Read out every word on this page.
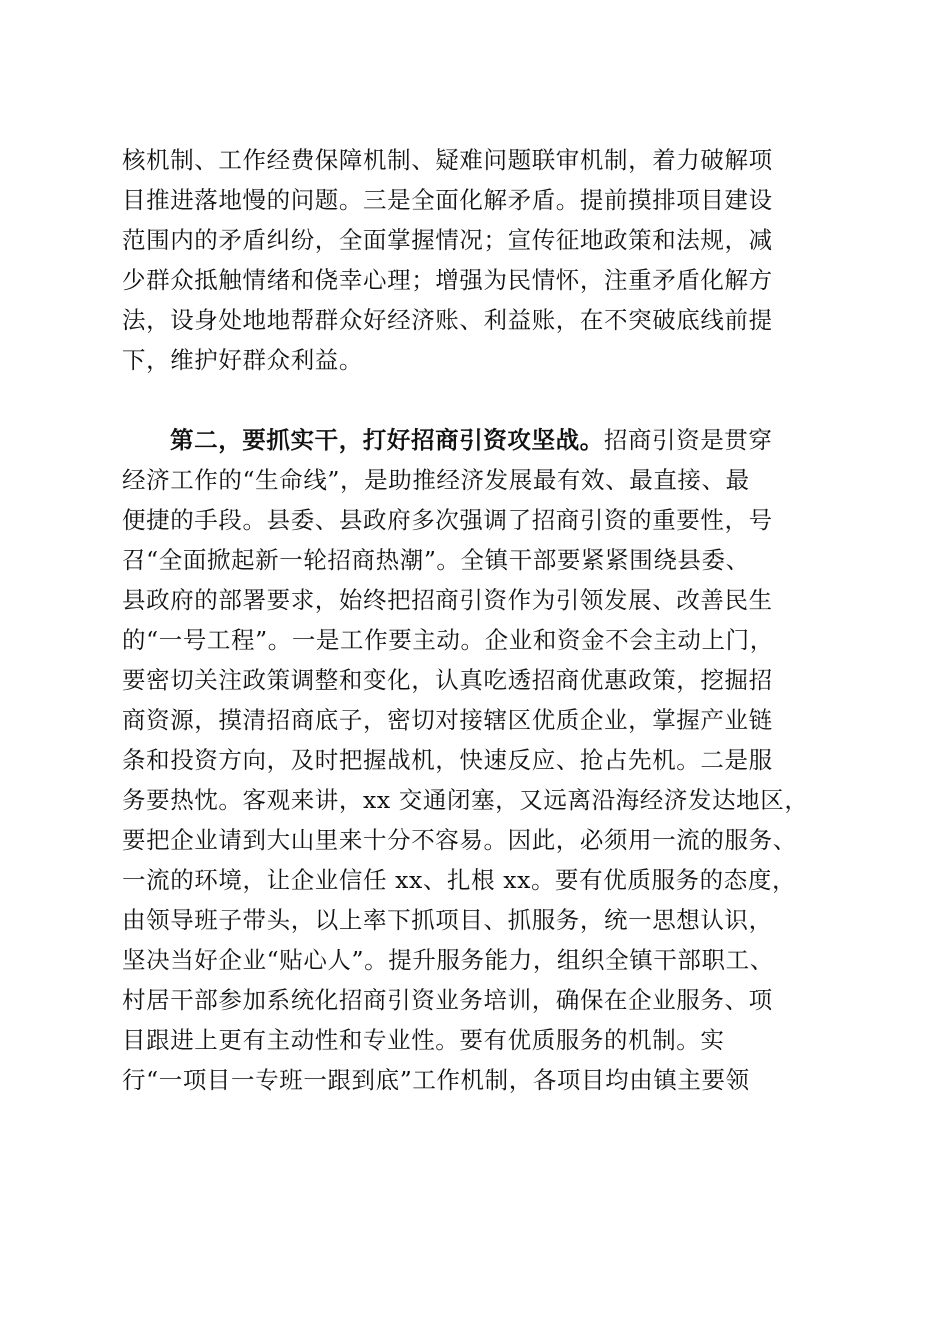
核机制、工作经费保障机制、疑难问题联审机制，着力破解项
目推进落地慢的问题。三是全面化解矛盾。提前摸排项目建设
范围内的矛盾纠纷，全面掌握情况；宣传征地政策和法规，减
少群众抵触情绪和侥幸心理；增强为民情怀，注重矛盾化解方
法，设身处地地帮群众好经济账、利益账，在不突破底线前提
下，维护好群众利益。
第二，要抓实干，打好招商引资攻坚战。招商引资是贯穿
经济工作的“生命线”，是助推经济发展最有效、最直接、最
便捷的手段。县委、县政府多次强调了招商引资的重要性，号
召“全面掀起新一轮招商热潮”。全镇干部要紧紧围绕县委、
县政府的部署要求，始终把招商引资作为引领发展、改善民生
的“一号工程”。一是工作要主动。企业和资金不会主动上门，
要密切关注政策调整和变化，认真吃透招商优惠政策，挖掘招
商资源，摸清招商底子，密切对接辖区优质企业，掌握产业链
条和投资方向，及时把握战机，快速反应、抢占先机。二是服
务要热忱。客观来讲，xx 交通闭塞，又远离沿海经济发达地区，
要把企业请到大山里来十分不容易。因此，必须用一流的服务、
一流的环境，让企业信任 xx、扎根 xx。要有优质服务的态度，
由领导班子带头，以上率下抓项目、抓服务，统一思想认识，
坚决当好企业“贴心人”。提升服务能力，组织全镇干部职工、
村居干部参加系统化招商引资业务培训，确保在企业服务、项
目跟进上更有主动性和专业性。要有优质服务的机制。实
行“一项目一专班一跟到底”工作机制，各项目均由镇主要领
